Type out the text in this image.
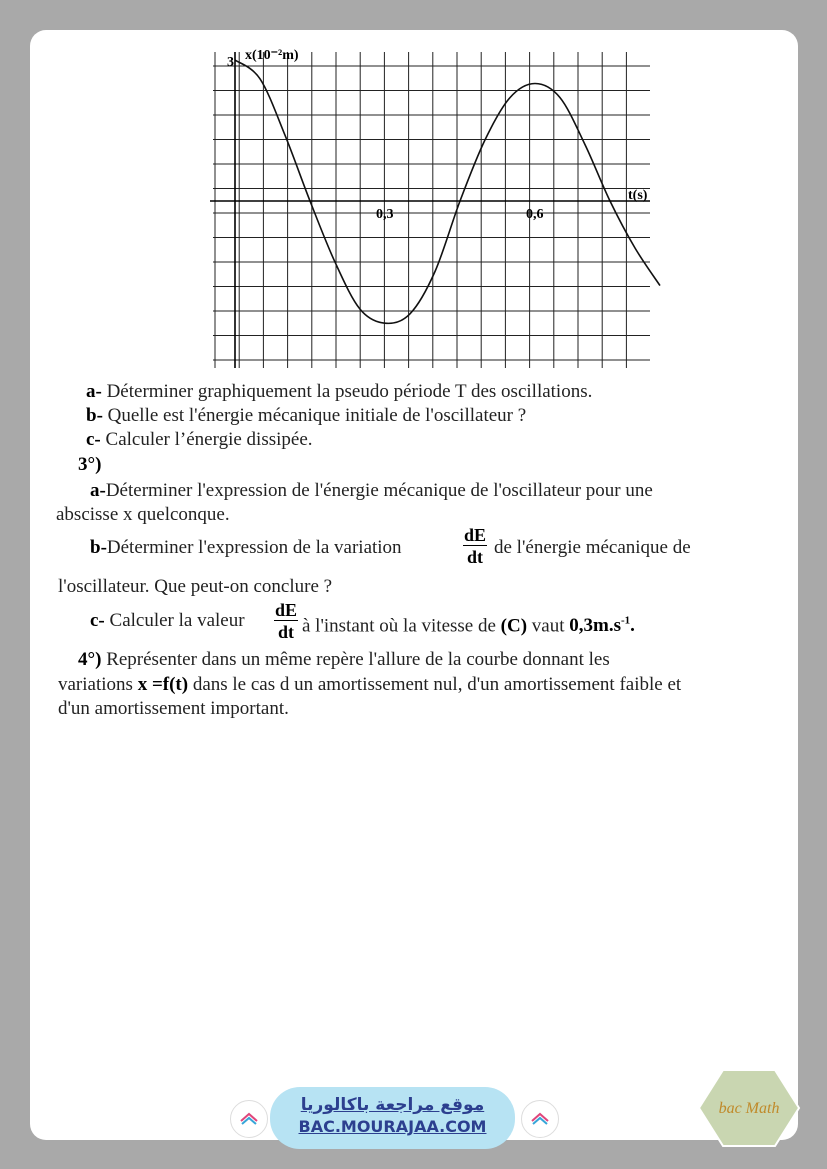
x(10⁻²m)
3
t(s)
0,3	0,6
a- Déterminer graphiquement la pseudo période T des oscillations.
b- Quelle est l'énergie mécanique initiale de l'oscillateur ?
c- Calculer l’énergie dissipée.
3°)
a-Déterminer l'expression de l'énergie mécanique de l'oscillateur pour une
abscisse x quelconque.
b-Déterminer l'expression de la variation	$\frac{dE}{dt}$ de l'énergie mécanique de
l'oscillateur. Que peut-on conclure ?
c- Calculer la valeur $\frac{dE}{dt}$ à l'instant où la vitesse de (C) vaut $0,3m.s^{-1}$.
4°) Représenter dans un même repère l'allure de la courbe donnant les
variations x =f(t) dans le cas d un amortissement nul, d'un amortissement faible et
d'un amortissement important.
موقع مراجعة باكالوريا
BAC.MOURAJAA.COM
bac Math
